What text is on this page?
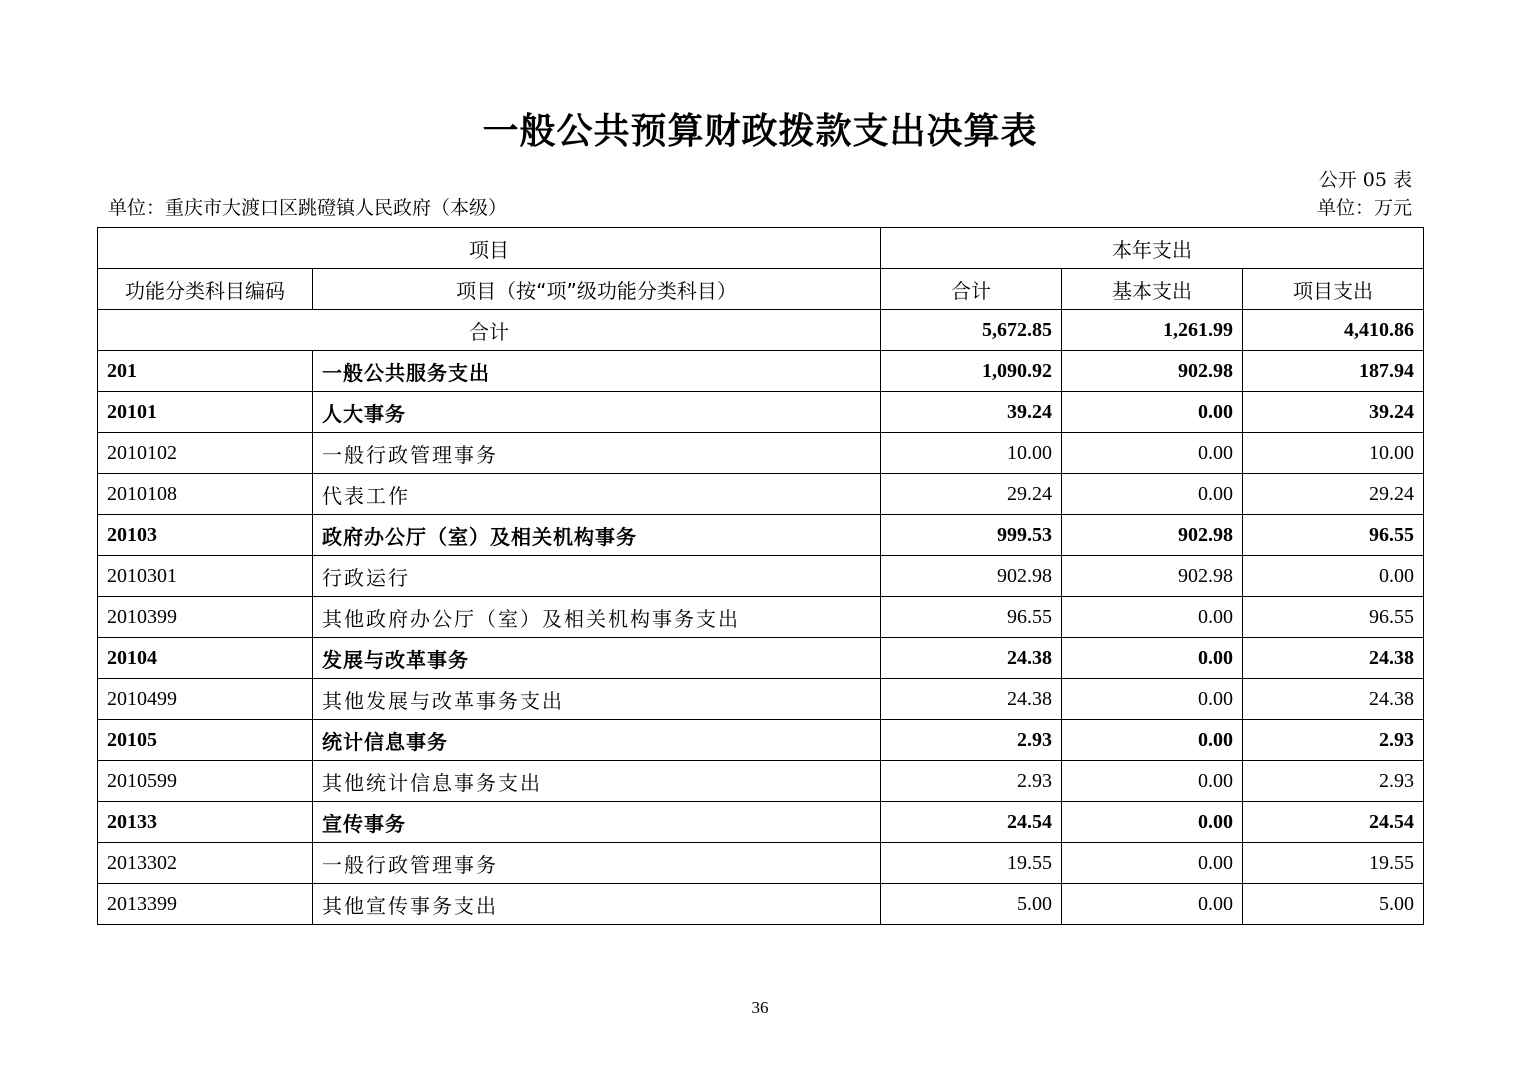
一般公共预算财政拨款支出决算表
公开 05 表
单位：重庆市大渡口区跳磴镇人民政府（本级）	单位：万元
项目		本年支出		
功能分类科目编码	项目（按“项”级功能分类科目）	合计	基本支出	项目支出
合计		5,672.85	1,261.99	4,410.86
201	一般公共服务支出	1,090.92	902.98	187.94
20101	人大事务	39.24	0.00	39.24
2010102	一般行政管理事务	10.00	0.00	10.00
2010108	代表工作	29.24	0.00	29.24
20103	政府办公厅（室）及相关机构事务	999.53	902.98	96.55
2010301	行政运行	902.98	902.98	0.00
2010399	其他政府办公厅（室）及相关机构事务支出	96.55	0.00	96.55
20104	发展与改革事务	24.38	0.00	24.38
2010499	其他发展与改革事务支出	24.38	0.00	24.38
20105	统计信息事务	2.93	0.00	2.93
2010599	其他统计信息事务支出	2.93	0.00	2.93
20133	宣传事务	24.54	0.00	24.54
2013302	一般行政管理事务	19.55	0.00	19.55
2013399	其他宣传事务支出	5.00	0.00	5.00
36
